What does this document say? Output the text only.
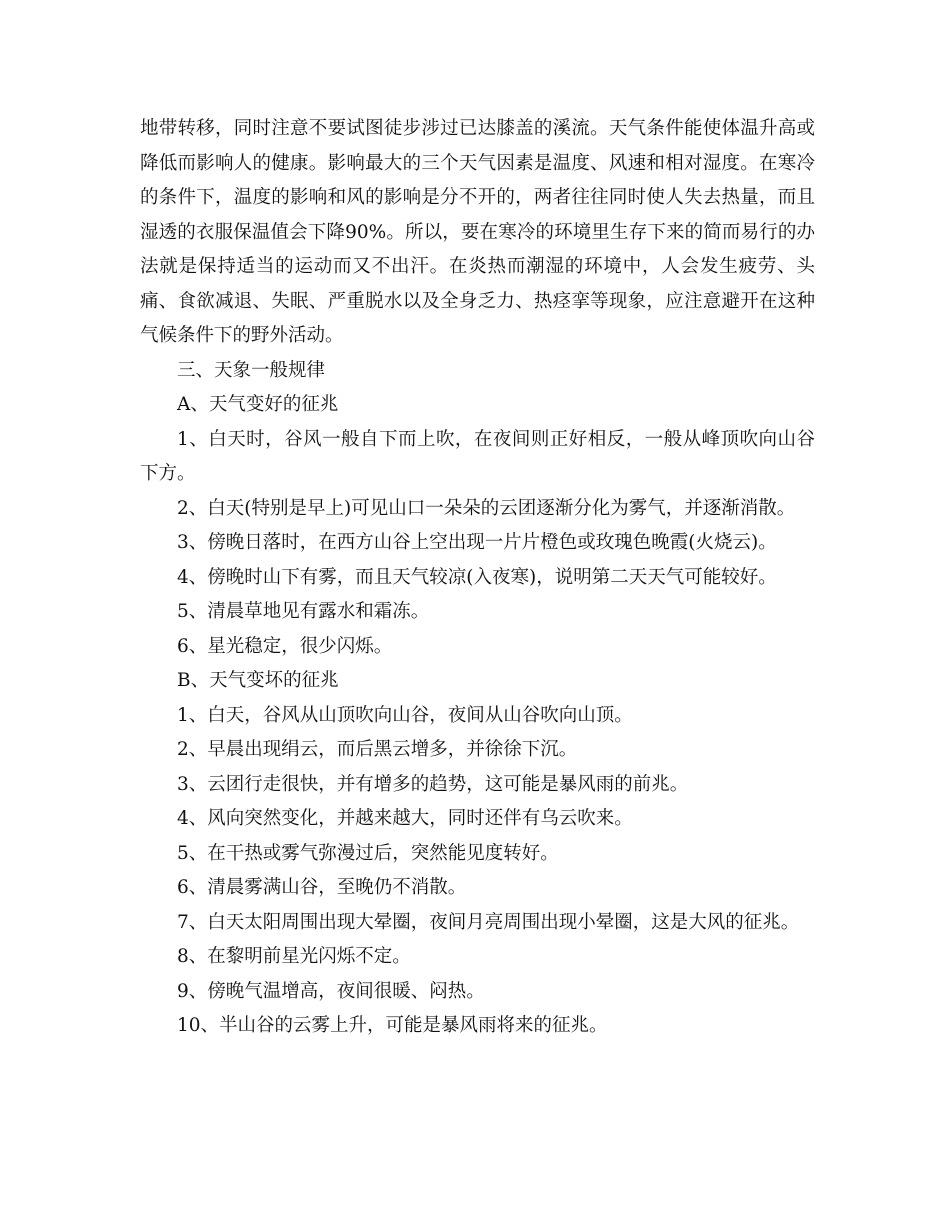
地带转移，同时注意不要试图徒步涉过已达膝盖的溪流。天气条件能使体温升高或降低而影响人的健康。影响最大的三个天气因素是温度、风速和相对湿度。在寒冷的条件下，温度的影响和风的影响是分不开的，两者往往同时使人失去热量，而且湿透的衣服保温值会下降90%。所以，要在寒冷的环境里生存下来的简而易行的办法就是保持适当的运动而又不出汗。在炎热而潮湿的环境中，人会发生疲劳、头痛、食欲减退、失眠、严重脱水以及全身乏力、热痉挛等现象，应注意避开在这种气候条件下的野外活动。

三、天象一般规律

A、天气变好的征兆

1、白天时，谷风一般自下而上吹，在夜间则正好相反，一般从峰顶吹向山谷下方。

2、白天(特别是早上)可见山口一朵朵的云团逐渐分化为雾气，并逐渐消散。

3、傍晚日落时，在西方山谷上空出现一片片橙色或玫瑰色晚霞(火烧云)。

4、傍晚时山下有雾，而且天气较凉(入夜寒)，说明第二天天气可能较好。

5、清晨草地见有露水和霜冻。

6、星光稳定，很少闪烁。

B、天气变坏的征兆

1、白天，谷风从山顶吹向山谷，夜间从山谷吹向山顶。

2、早晨出现绢云，而后黑云增多，并徐徐下沉。

3、云团行走很快，并有增多的趋势，这可能是暴风雨的前兆。

4、风向突然变化，并越来越大，同时还伴有乌云吹来。

5、在干热或雾气弥漫过后，突然能见度转好。

6、清晨雾满山谷，至晚仍不消散。

7、白天太阳周围出现大晕圈，夜间月亮周围出现小晕圈，这是大风的征兆。

8、在黎明前星光闪烁不定。

9、傍晚气温增高，夜间很暖、闷热。

10、半山谷的云雾上升，可能是暴风雨将来的征兆。
